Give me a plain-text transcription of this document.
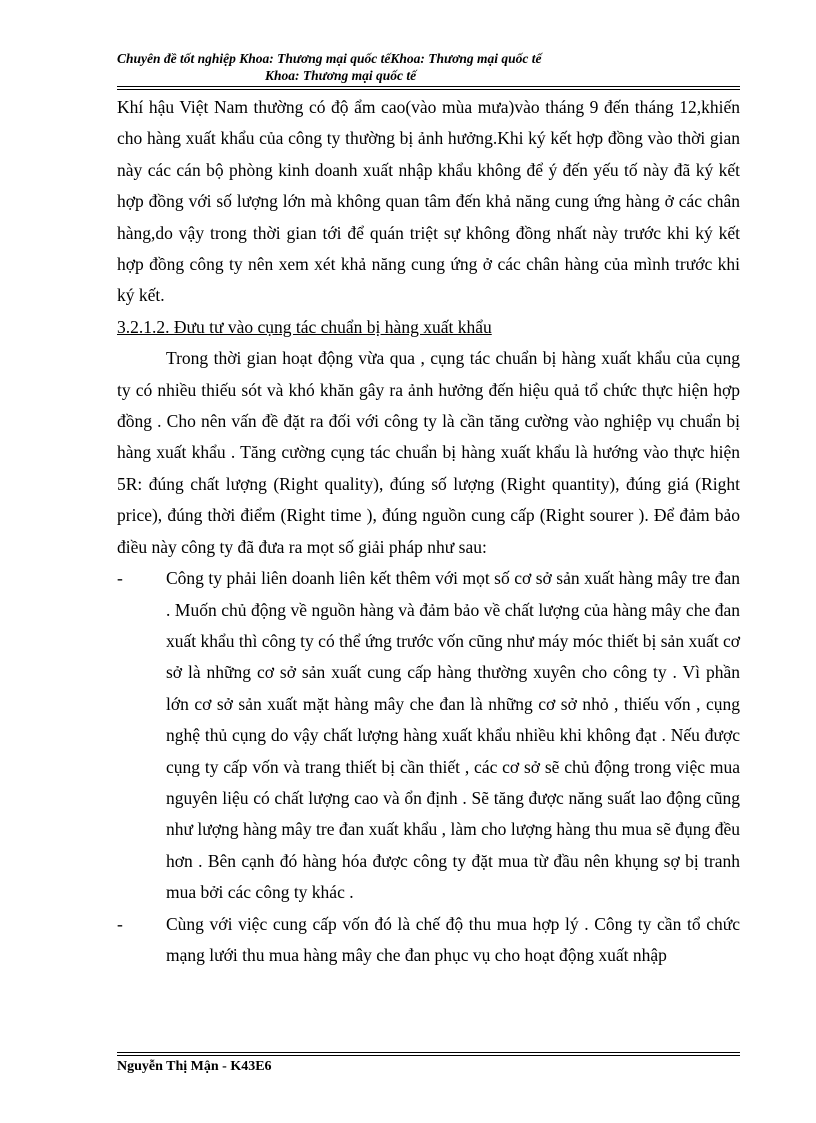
Chuyên đề tốt nghiệp Khoa: Thương mại quốc tếKhoa: Thương mại quốc tế
Khoa: Thương mại quốc tế

Khí hậu Việt Nam thường có độ ẩm cao(vào mùa mưa)vào tháng 9 đến tháng 12,khiến cho hàng xuất khẩu của công ty thường bị ảnh hưởng.Khi ký kết hợp đồng vào thời gian này các cán bộ phòng kinh doanh xuất nhập khẩu không để ý đến yếu tố này đã ký kết hợp đồng với số lượng lớn mà không quan tâm đến khả năng cung ứng hàng ở các chân hàng,do vậy trong thời gian tới để quán triệt sự không đồng nhất này trước khi ký kết hợp đồng công ty nên xem xét khả năng cung ứng ở các chân hàng của mình trước khi ký kết.

3.2.1.2. Đưu tư vào cụng tác chuẩn bị hàng xuất khẩu

Trong thời gian hoạt động vừa qua , cụng tác chuẩn bị hàng xuất khẩu của cụng ty có nhiều thiếu sót và khó khăn gây ra ảnh hưởng đến hiệu quả tổ chức thực hiện hợp đồng . Cho nên vấn đề đặt ra đối với công ty là cần tăng cường vào nghiệp vụ chuẩn bị hàng xuất khẩu . Tăng cường cụng tác chuẩn bị hàng xuất khẩu là hướng vào thực hiện 5R: đúng chất lượng (Right quality), đúng số lượng (Right quantity), đúng giá (Right price), đúng thời điểm (Right time ), đúng nguồn cung cấp (Right sourer ). Để đảm bảo điều này công ty đã đưa ra mọt số giải pháp như sau:

-	Công ty phải liên doanh liên kết thêm với mọt số cơ sở sản xuất hàng mây tre đan . Muốn chủ động về nguồn hàng và đảm bảo về chất lượng của hàng mây che đan xuất khẩu thì công ty có thể ứng trước vốn cũng như máy móc thiết bị sản xuất cơ sở là những cơ sở sản xuất cung cấp hàng thường xuyên cho công ty . Vì phần lớn cơ sở sản xuất mặt hàng mây che đan là những cơ sở nhỏ , thiếu vốn , cụng nghệ thủ cụng do vậy chất lượng hàng xuất khẩu nhiều khi không đạt . Nếu được cụng ty cấp vốn và trang thiết bị cần thiết , các cơ sở sẽ chủ động trong việc mua nguyên liệu có chất lượng cao và ổn định . Sẽ tăng được năng suất lao động cũng như lượng hàng mây tre đan xuất khẩu , làm cho lượng hàng thu mua sẽ đụng đều hơn . Bên cạnh đó hàng hóa được công ty đặt mua từ đầu nên khụng sợ bị tranh mua bởi các công ty khác .
-	Cùng với việc cung cấp vốn đó là chế độ thu mua hợp lý . Công ty cần tổ chức mạng lưới thu mua hàng mây che đan phục vụ cho hoạt động xuất nhập
Nguyễn Thị Mận - K43E6
